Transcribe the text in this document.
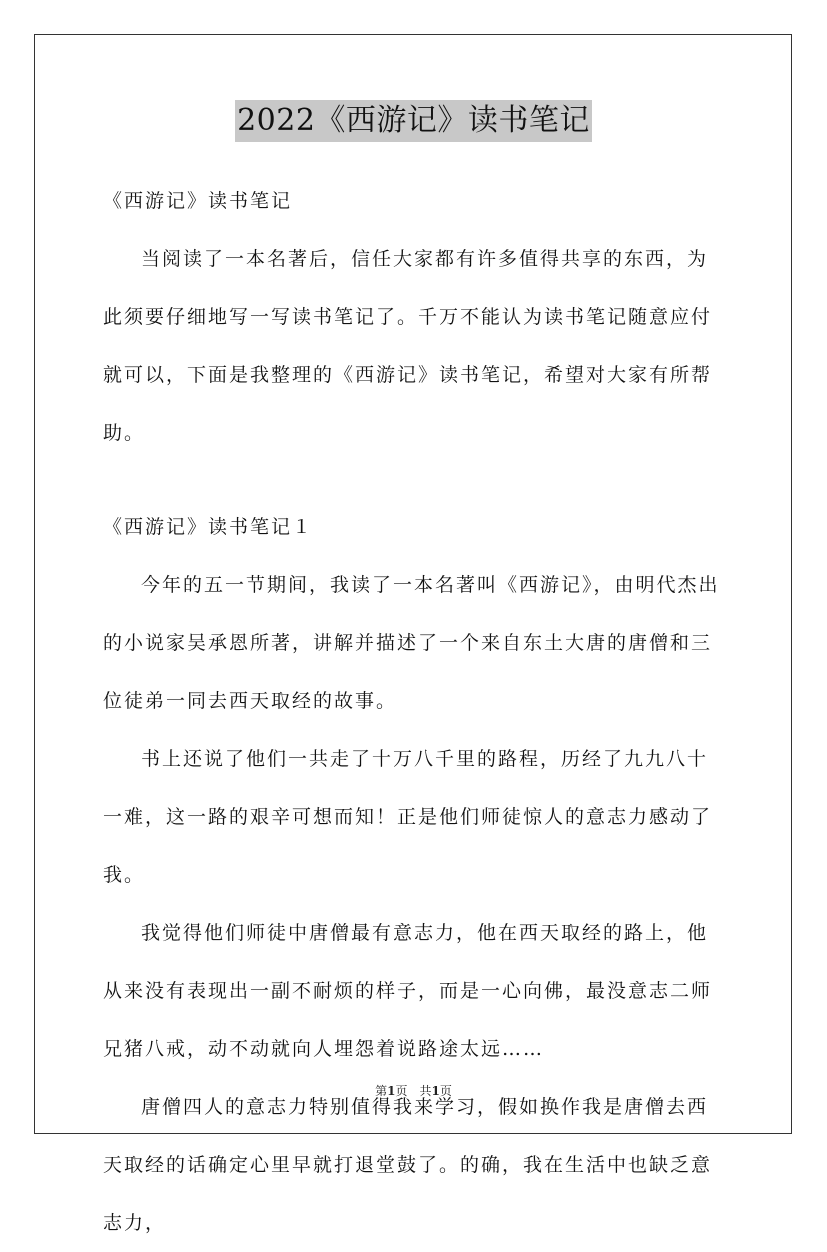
2022《西游记》读书笔记

《西游记》读书笔记

当阅读了一本名著后，信任大家都有许多值得共享的东西，为此须要仔细地写一写读书笔记了。千万不能认为读书笔记随意应付就可以，下面是我整理的《西游记》读书笔记，希望对大家有所帮助。

《西游记》读书笔记１

今年的五一节期间，我读了一本名著叫《西游记》，由明代杰出的小说家吴承恩所著，讲解并描述了一个来自东土大唐的唐僧和三位徒弟一同去西天取经的故事。

书上还说了他们一共走了十万八千里的路程，历经了九九八十一难，这一路的艰辛可想而知！正是他们师徒惊人的意志力感动了我。

我觉得他们师徒中唐僧最有意志力，他在西天取经的路上，他从来没有表现出一副不耐烦的样子，而是一心向佛，最没意志二师兄猪八戒，动不动就向人埋怨着说路途太远……

唐僧四人的意志力特别值得我来学习，假如换作我是唐僧去西天取经的话确定心里早就打退堂鼓了。的确，我在生活中也缺乏意志力，

第1页　共1页
